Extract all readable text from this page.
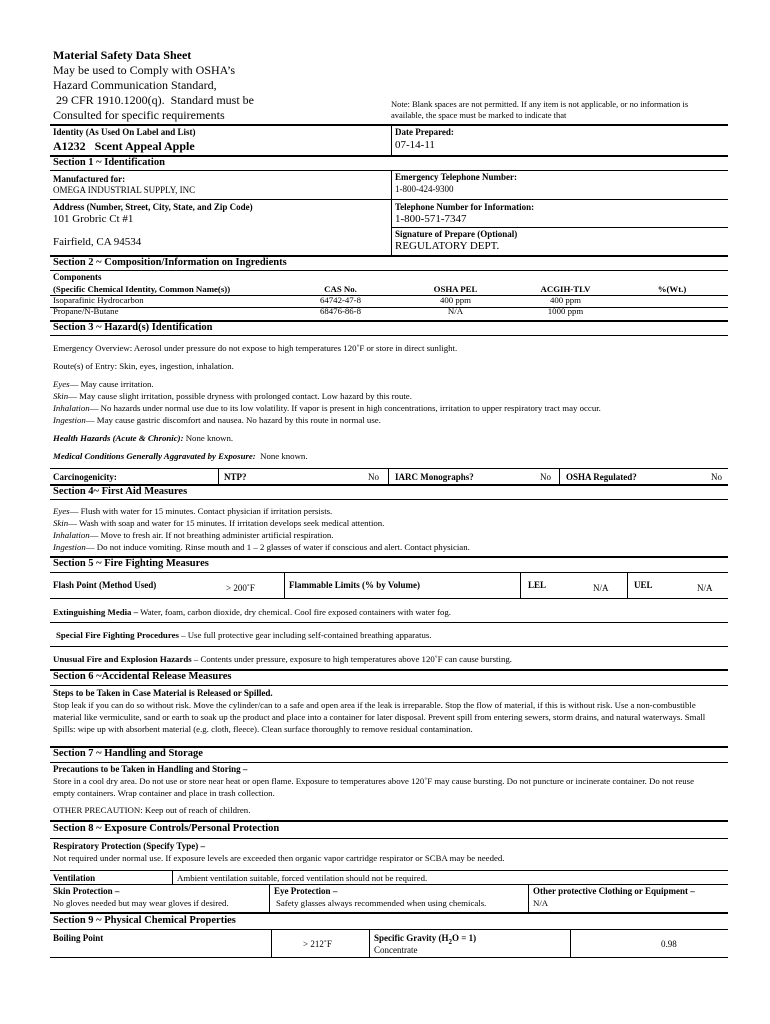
Material Safety Data Sheet
May be used to Comply with OSHA’s
Hazard Communication Standard,
29 CFR 1910.1200(q).  Standard must be
Consulted for specific requirements
Note: Blank spaces are not permitted. If any item is not applicable, or no information is available, the space must be marked to indicate that
Identity (As Used On Label and List)
A1232   Scent Appeal Apple
Date Prepared:
07-14-11
Section 1 ~ Identification
Manufactured for:
OMEGA INDUSTRIAL SUPPLY, INC
Emergency Telephone Number:
1-800-424-9300
Address (Number, Street, City, State, and Zip Code)
101 Grobric Ct #1
Fairfield, CA 94534
Telephone Number for Information:
1-800-571-7347
Signature of Prepare (Optional)
REGULATORY DEPT.
Section 2 ~ Composition/Information on Ingredients
Components
(Specific Chemical Identity, Common Name(s))	CAS No.	OSHA PEL	ACGIH-TLV	%(Wt.)
Isoparafinic Hydrocarbon	64742-47-8	400 ppm	400 ppm	
Propane/N-Butane	68476-86-8	N/A	1000 ppm	
Section 3 ~ Hazard(s) Identification
Emergency Overview: Aerosol under pressure do not expose to high temperatures 120˚F or store in direct sunlight.
Route(s) of Entry: Skin, eyes, ingestion, inhalation.
Eyes— May cause irritation.
Skin— May cause slight irritation, possible dryness with prolonged contact. Low hazard by this route.
Inhalation— No hazards under normal use due to its low volatility. If vapor is present in high concentrations, irritation to upper respiratory tract may occur.
Ingestion— May cause gastric discomfort and nausea. No hazard by this route in normal use.
Health Hazards (Acute & Chronic): None known.
Medical Conditions Generally Aggravated by Exposure:  None known.
Carcinogenicity:	NTP?	No IARC Monographs?	No OSHA Regulated?	No
Section 4~ First Aid Measures
Eyes— Flush with water for 15 minutes. Contact physician if irritation persists.
Skin— Wash with soap and water for 15 minutes. If irritation develops seek medical attention.
Inhalation— Move to fresh air. If not breathing administer artificial respiration.
Ingestion— Do not induce vomiting. Rinse mouth and 1 – 2 glasses of water if conscious and alert. Contact physician.
Section 5 ~ Fire Fighting Measures
Flash Point (Method Used)	> 200˚F	Flammable Limits (% by Volume)	LEL	N/A	UEL	N/A
Extinguishing Media – Water, foam, carbon dioxide, dry chemical. Cool fire exposed containers with water fog.
Special Fire Fighting Procedures – Use full protective gear including self-contained breathing apparatus.
Unusual Fire and Explosion Hazards – Contents under pressure, exposure to high temperatures above 120˚F can cause bursting.
Section 6 ~Accidental Release Measures
Steps to be Taken in Case Material is Released or Spilled.
Stop leak if you can do so without risk. Move the cylinder/can to a safe and open area if the leak is irreparable. Stop the flow of material, if this is without risk. Use a non-combustible material like vermiculite, sand or earth to soak up the product and place into a container for later disposal. Prevent spill from entering sewers, storm drains, and natural waterways. Small Spills: wipe up with absorbent material (e.g. cloth, fleece). Clean surface thoroughly to remove residual contamination.
Section 7 ~ Handling and Storage
Precautions to be Taken in Handling and Storing –
Store in a cool dry area. Do not use or store near heat or open flame. Exposure to temperatures above 120˚F may cause bursting. Do not puncture or incinerate container. Do not reuse empty containers. Wrap container and place in trash collection.
OTHER PRECAUTION: Keep out of reach of children.
Section 8 ~ Exposure Controls/Personal Protection
Respiratory Protection (Specify Type) –
Not required under normal use. If exposure levels are exceeded then organic vapor cartridge respirator or SCBA may be needed.
Ventilation	Ambient ventilation suitable, forced ventilation should not be required.
Skin Protection –
No gloves needed but may wear gloves if desired.
Eye Protection –
Safety glasses always recommended when using chemicals.
Other protective Clothing or Equipment –
N/A
Section 9 ~ Physical Chemical Properties
Boiling Point
> 212˚F
Specific Gravity $(H_2O = 1)$
Concentrate
0.98
